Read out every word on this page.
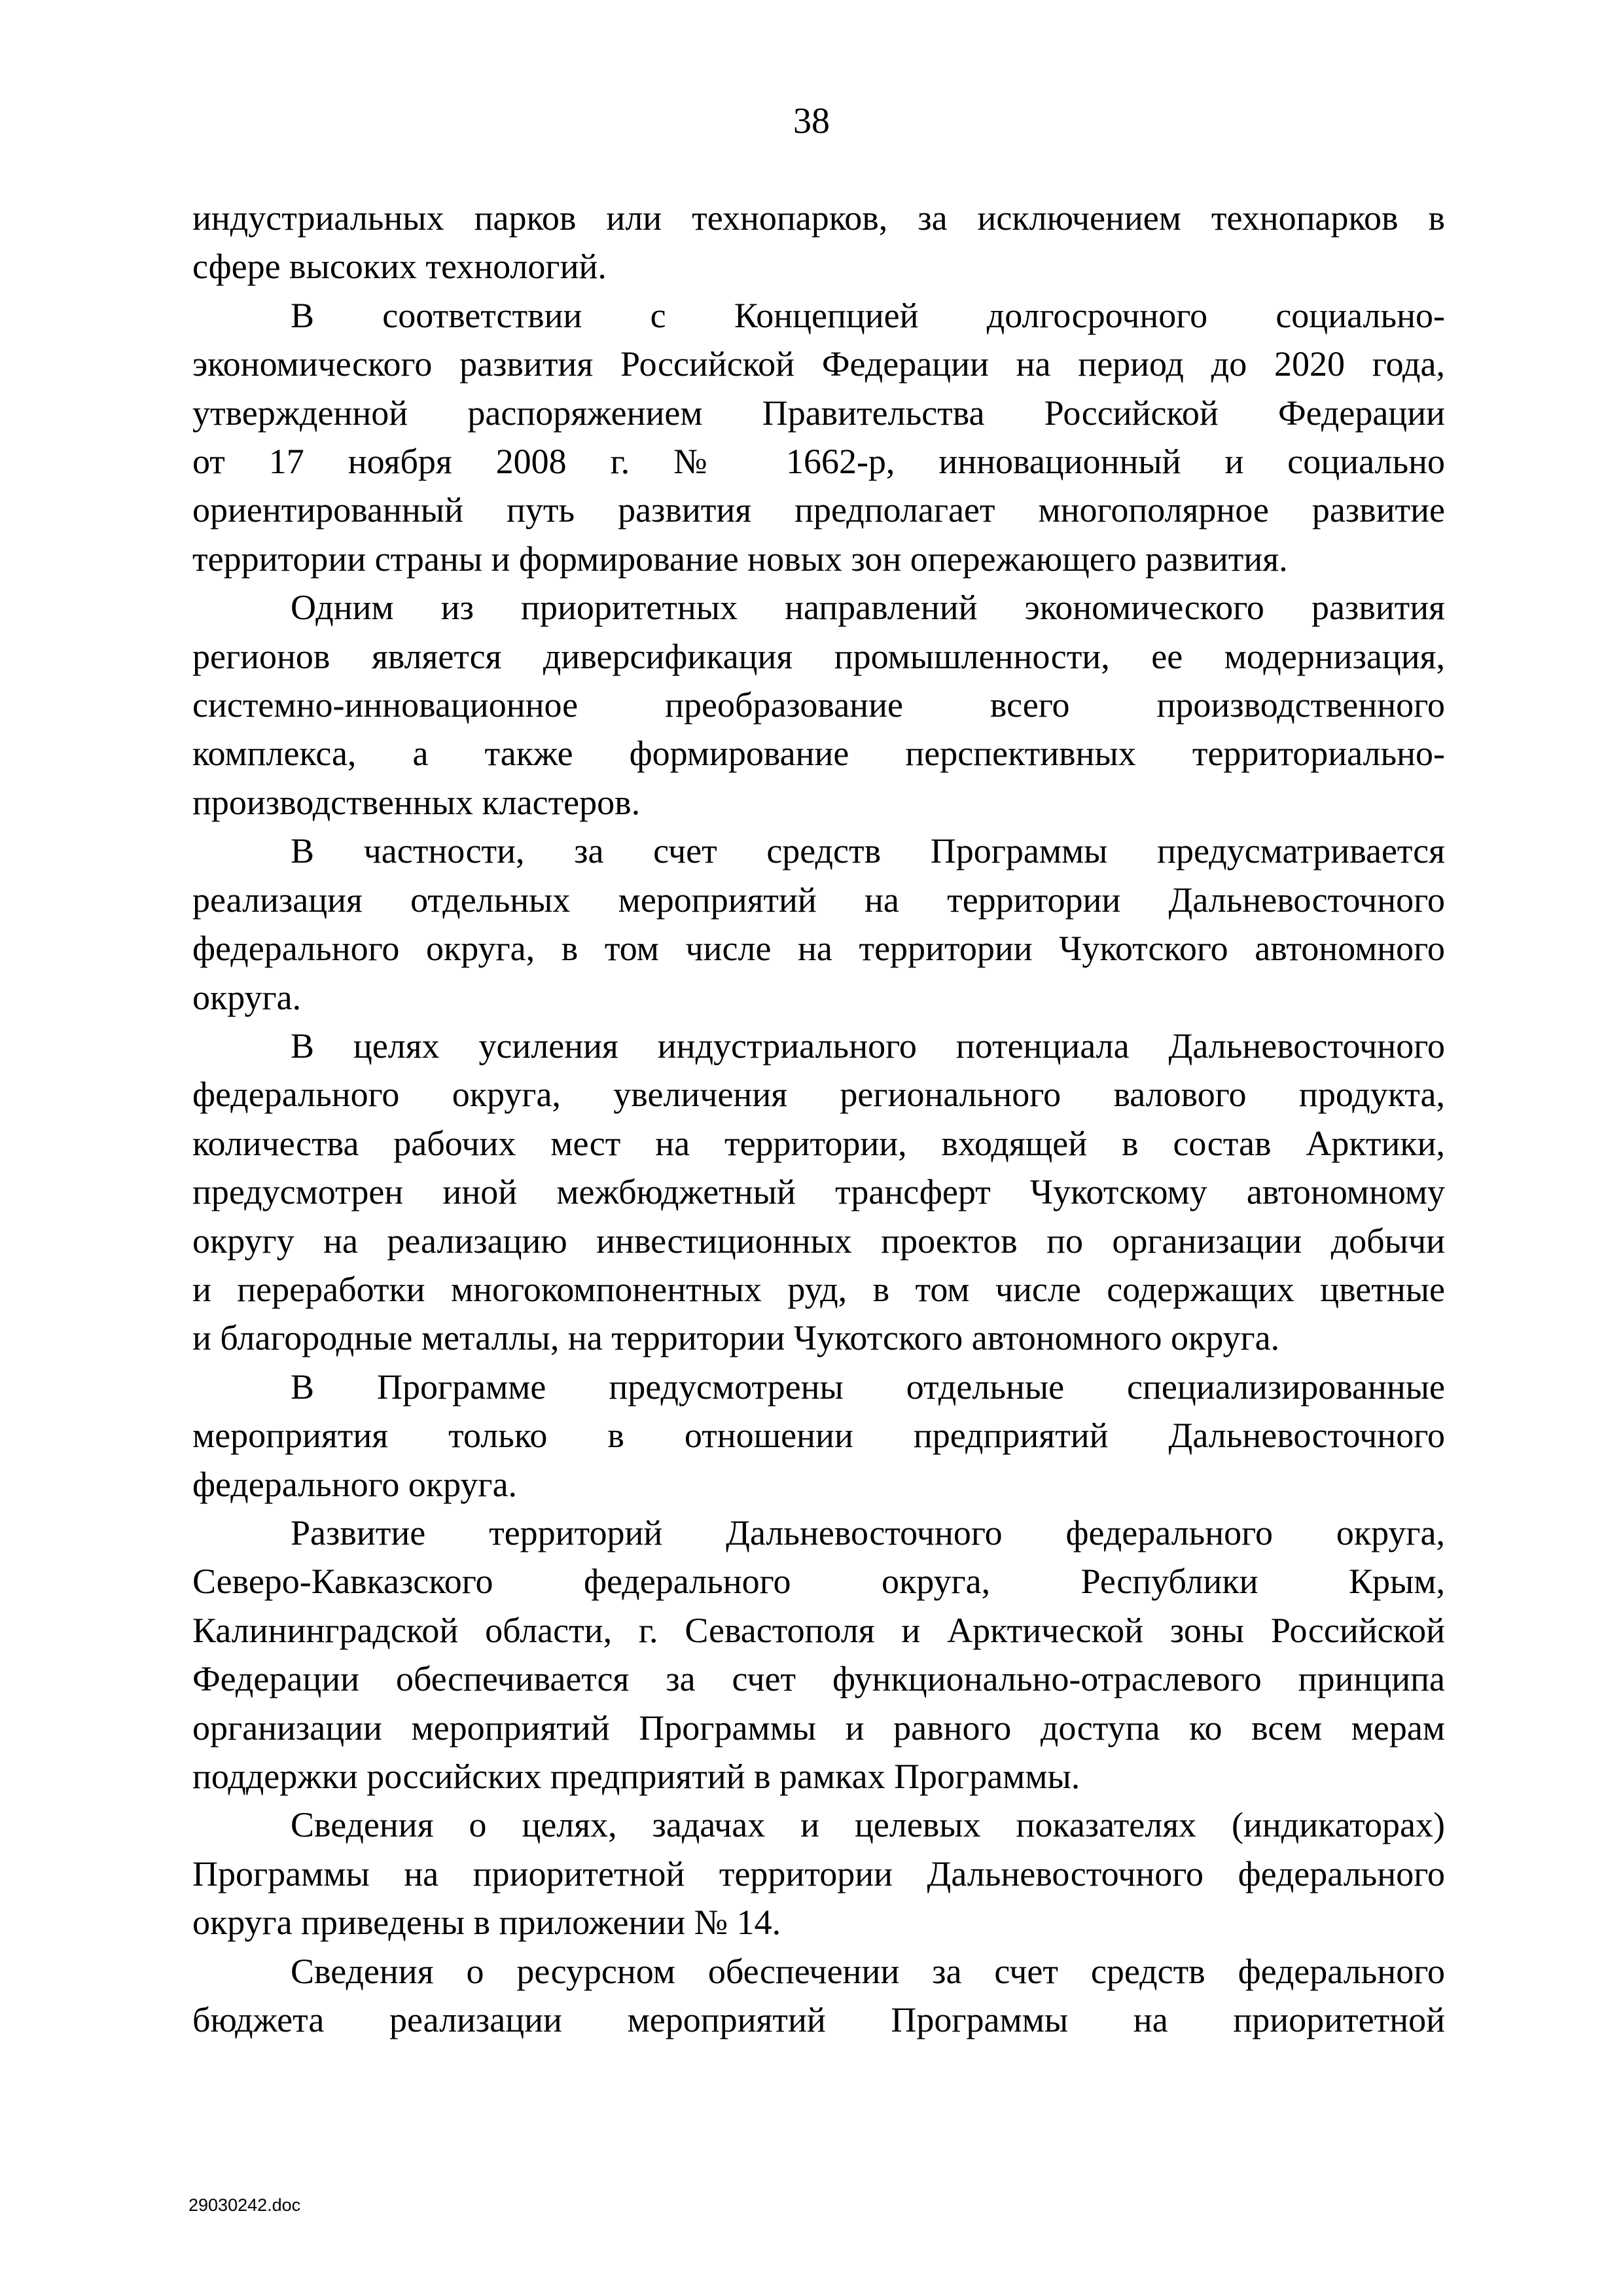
38
индустриальных парков или технопарков, за исключением технопарков в
сфере высоких технологий.
В соответствии с Концепцией долгосрочного социально-
экономического развития Российской Федерации на период до 2020 года,
утвержденной распоряжением Правительства Российской Федерации
от 17 ноября 2008 г. № 1662-р, инновационный и социально
ориентированный путь развития предполагает многополярное развитие
территории страны и формирование новых зон опережающего развития.
Одним из приоритетных направлений экономического развития
регионов является диверсификация промышленности, ее модернизация,
системно-инновационное преобразование всего производственного
комплекса, а также формирование перспективных территориально-
производственных кластеров.
В частности, за счет средств Программы предусматривается
реализация отдельных мероприятий на территории Дальневосточного
федерального округа, в том числе на территории Чукотского автономного
округа.
В целях усиления индустриального потенциала Дальневосточного
федерального округа, увеличения регионального валового продукта,
количества рабочих мест на территории, входящей в состав Арктики,
предусмотрен иной межбюджетный трансферт Чукотскому автономному
округу на реализацию инвестиционных проектов по организации добычи
и переработки многокомпонентных руд, в том числе содержащих цветные
и благородные металлы, на территории Чукотского автономного округа.
В Программе предусмотрены отдельные специализированные
мероприятия только в отношении предприятий Дальневосточного
федерального округа.
Развитие территорий Дальневосточного федерального округа,
Северо-Кавказского федерального округа, Республики Крым,
Калининградской области, г. Севастополя и Арктической зоны Российской
Федерации обеспечивается за счет функционально-отраслевого принципа
организации мероприятий Программы и равного доступа ко всем мерам
поддержки российских предприятий в рамках Программы.
Сведения о целях, задачах и целевых показателях (индикаторах)
Программы на приоритетной территории Дальневосточного федерального
округа приведены в приложении № 14.
Сведения о ресурсном обеспечении за счет средств федерального
бюджета реализации мероприятий Программы на приоритетной
29030242.doc
